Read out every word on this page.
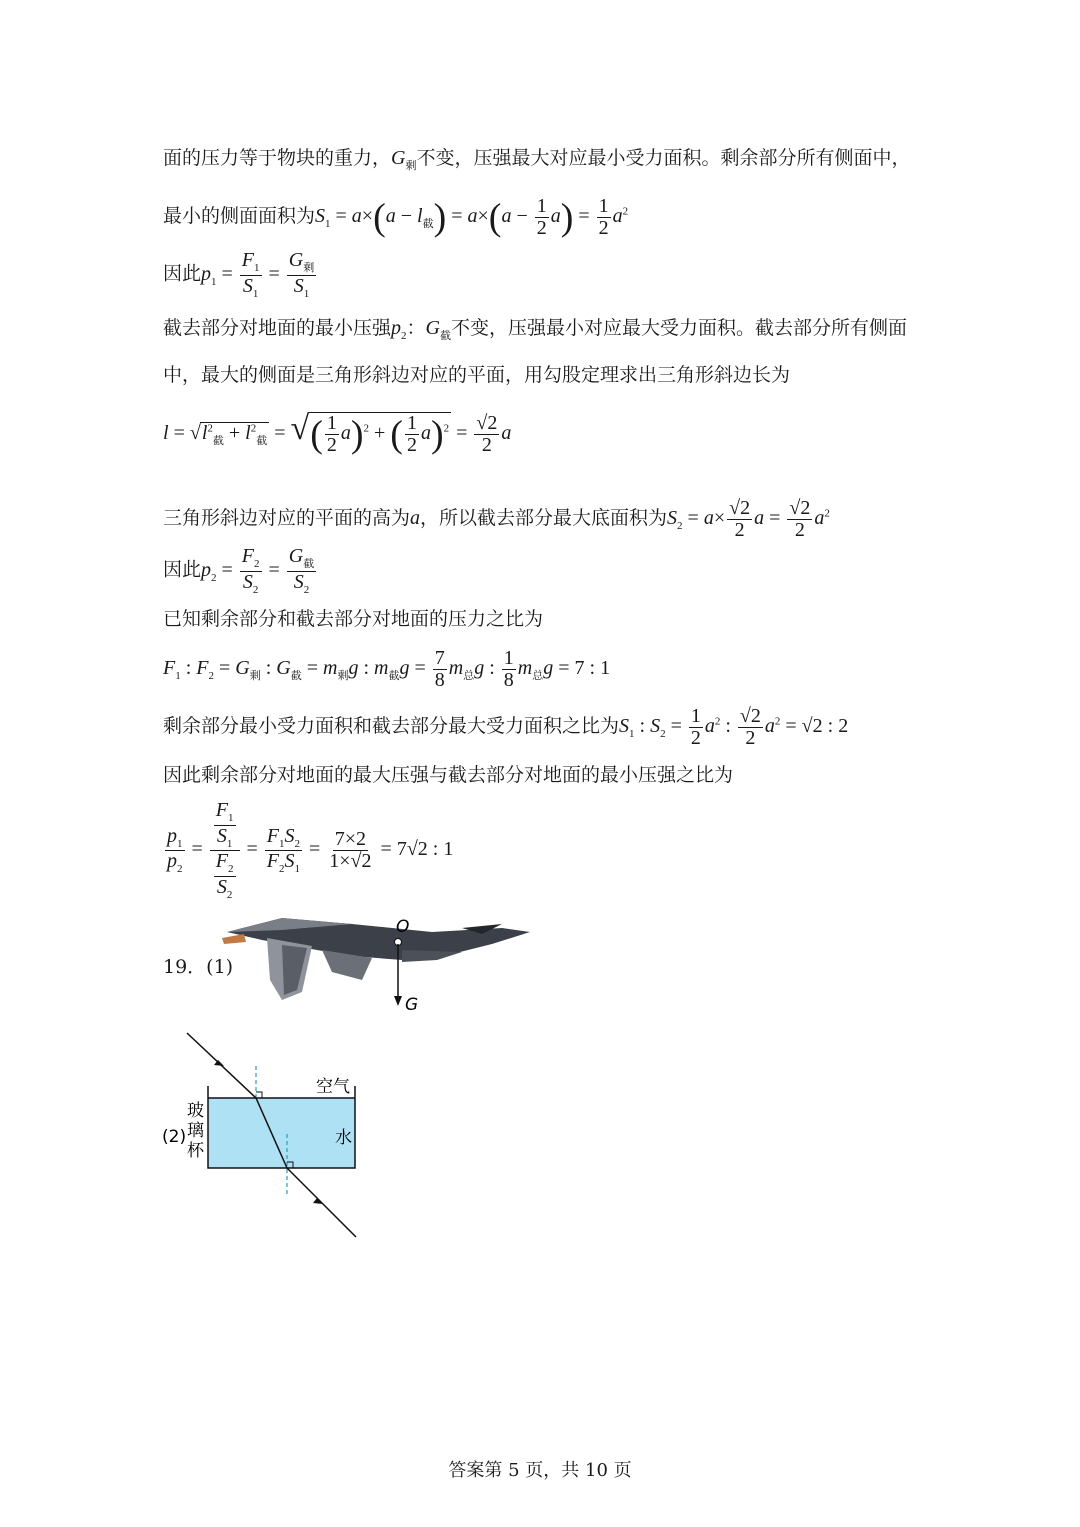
面的压力等于物块的重力，$G_剩$不变，压强最大对应最小受力面积。剩余部分所有侧面中，
最小的侧面面积为$S_1 = a\times(a - l_截) = a\times(a - \frac{1}{2} a) = \frac{1}{2} a^2$
因此$p_1 = \frac{F_1}{S_1} = \frac{G_剩}{S_1}$
截去部分对地面的最小压强$p_2$：$G_截$不变，压强最小对应最大受力面积。截去部分所有侧面
中，最大的侧面是三角形斜边对应的平面，用勾股定理求出三角形斜边长为
$l = √l^2_截 + l^2_截$ = √( $\frac{1}{2} a)^2$ + ( $\frac{1}{2} a)^2 = \frac{√2}{2}$ a
三角形斜边对应的平面的高为a，所以截去部分最大底面积为$S_2 = a\times \frac{√2}{2}$ $a = \frac{√2}{2} a^2$
因此$p_2 = \frac{F_2}{S_2} = \frac{G_截}{S_2}$
已知剩余部分和截去部分对地面的压力之比为
$F_1$ : $F_2 = G_剩$ : $G_截 = m_剩g$ : $m_截g = \frac{7}{8} m_总g$ : $\frac{1}{8} m_总g = 7$ : 1
剩余部分最小受力面积和截去部分最大受力面积之比为$S_1$ : $S_2 = \frac{1}{2} a^2$ : $\frac{√2}{2} a^2 = √2$ : 2
因此剩余部分对地面的最大压强与截去部分对地面的最小压强之比为
$\frac{p_1}{p_2} = \frac{\frac{F_1}{S_1}}{\frac{F_2}{S_2}} = \frac{F_1S_2}{F_2S_1} = \frac{7\times 2}{1\times√2} = 7√2$ : 1
19．(1)
O
G
空气
水
玻
璃
杯
(2)
答案第 5 页，共 10 页
